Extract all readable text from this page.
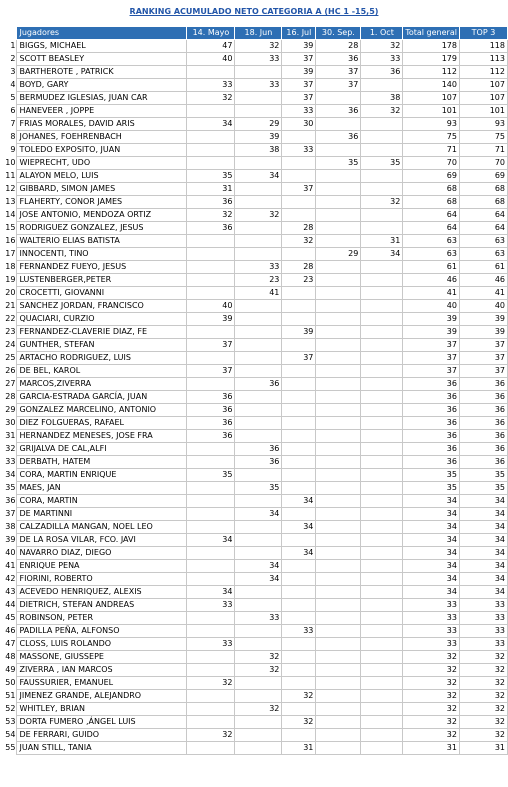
RANKING ACUMULADO NETO CATEGORIA A (HC 1 -15,5)
	Jugadores	14. Mayo	18. Jun	16. Jul	30. Sep.	1. Oct	Total general	TOP 3
1	BIGGS, MICHAEL	47	32	39	28	32	178	118
2	SCOTT BEASLEY	40	33	37	36	33	179	113
3	BARTHEROTE , PATRICK			39	37	36	112	112
4	BOYD, GARY	33	33	37	37		140	107
5	BERMUDEZ IGLESIAS, JUAN CAR	32		37		38	107	107
6	HANEVEER , JOPPE			33	36	32	101	101
7	FRIAS MORALES, DAVID ARIS	34	29	30			93	93
8	JOHANES, FOEHRENBACH		39		36		75	75
9	TOLEDO EXPOSITO, JUAN		38	33			71	71
10	WIEPRECHT, UDO				35	35	70	70
11	ALAYON MELO, LUIS	35	34				69	69
12	GIBBARD, SIMON JAMES	31		37			68	68
13	FLAHERTY, CONOR JAMES	36				32	68	68
14	JOSE ANTONIO, MENDOZA ORTIZ	32	32				64	64
15	RODRIGUEZ GONZALEZ, JESUS	36		28			64	64
16	WALTERIO ELIAS BATISTA			32		31	63	63
17	INNOCENTI, TINO				29	34	63	63
18	FERNANDEZ FUEYO, JESUS		33	28			61	61
19	LUSTENBERGER,PETER		23	23			46	46
20	CROCETTI, GIOVANNI		41				41	41
21	SANCHEZ JORDAN, FRANCISCO	40					40	40
22	QUACIARI, CURZIO	39					39	39
23	FERNANDEZ-CLAVERIE DIAZ, FE			39			39	39
24	GUNTHER, STEFAN	37					37	37
25	ARTACHO RODRIGUEZ, LUIS			37			37	37
26	DE BEL, KAROL	37					37	37
27	MARCOS,ZIVERRA		36				36	36
28	GARCIA-ESTRADA GARCÍA, JUAN	36					36	36
29	GONZALEZ MARCELINO, ANTONIO	36					36	36
30	DIEZ FOLGUERAS, RAFAEL	36					36	36
31	HERNANDEZ MENESES, JOSE FRA	36					36	36
32	GRIJALVA DE CAL,ALFI		36				36	36
33	DERBATH, HATEM		36				36	36
34	CORA, MARTIN ENRIQUE	35					35	35
35	MAES, JAN		35				35	35
36	CORA, MARTIN			34			34	34
37	DE MARTINNI		34				34	34
38	CALZADILLA MANGAN, NOEL LEO			34			34	34
39	DE LA ROSA VILAR, FCO. JAVI	34					34	34
40	NAVARRO DIAZ, DIEGO			34			34	34
41	ENRIQUE PENA		34				34	34
42	FIORINI, ROBERTO		34				34	34
43	ACEVEDO HENRIQUEZ, ALEXIS	34					34	34
44	DIETRICH, STEFAN ANDREAS	33					33	33
45	ROBINSON, PETER		33				33	33
46	PADILLA PEÑA, ALFONSO			33			33	33
47	CLOSS, LUIS ROLANDO	33					33	33
48	MASSONE, GIUSSEPE		32				32	32
49	ZIVERRA , IAN MARCOS		32				32	32
50	FAUSSURIER, EMANUEL	32					32	32
51	JIMENEZ GRANDE, ALEJANDRO			32			32	32
52	WHITLEY, BRIAN		32				32	32
53	DORTA FUMERO ,ÁNGEL LUIS			32			32	32
54	DE FERRARI, GUIDO	32					32	32
55	JUAN STILL, TANIA			31			31	31
